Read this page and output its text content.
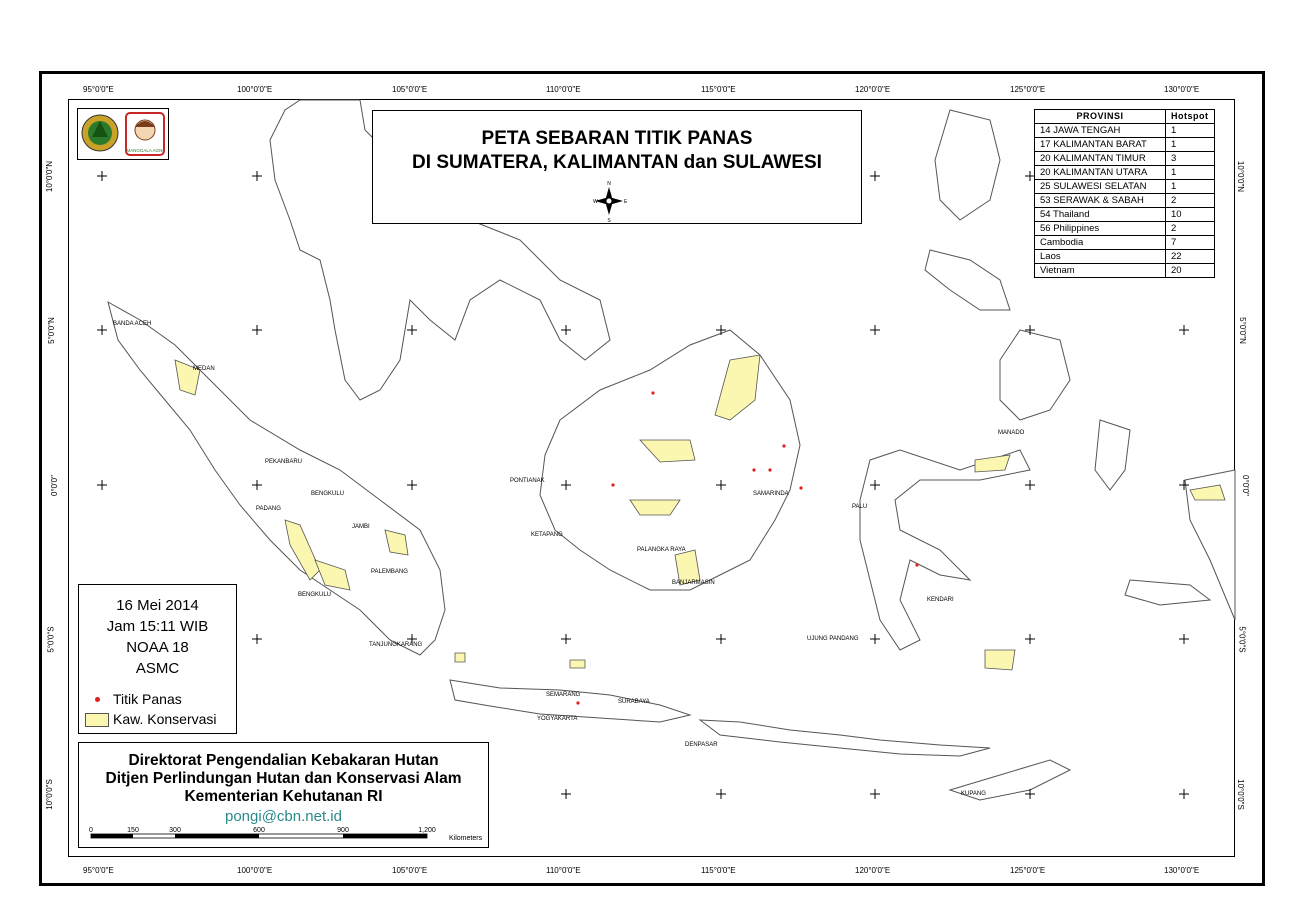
95°0'0"E	100°0'0"E	105°0'0"E	110°0'0"E	115°0'0"E	120°0'0"E	125°0'0"E	130°0'0"E
95°0'0"E	100°0'0"E	105°0'0"E	110°0'0"E	115°0'0"E	120°0'0"E	125°0'0"E	130°0'0"E
10°0'0"N
5°0'0"N
0°0'0"
5°0'0"S
10°0'0"S
10°0'0"N
5°0'0"N
0°0'0"
5°0'0"S
10°0'0"S
BANDA ACEH
MEDAN
PEKANBARU
PADANG
JAMBI
PALEMBANG
BENGKULU
TANJUNGKARANG
BENGKULU
PONTIANAK
KETAPANG
PALANGKA RAYA
BANJARMASIN
SAMARINDA
SEMARANG
SURABAYA
YOGYAKARTA
DENPASAR
UJUNG PANDANG
KENDARI
PALU
MANADO
KUPANG
MANGGALA AGNI
PETA SEBARAN TITIK PANAS
DI SUMATERA, KALIMANTAN dan SULAWESI
N
S
W	E
PROVINSI	Hotspot
14 JAWA TENGAH	1
17 KALIMANTAN BARAT	1
20 KALIMANTAN TIMUR	3
20 KALIMANTAN UTARA	1
25 SULAWESI SELATAN	1
53 SERAWAK & SABAH	2
54 Thailand	10
56 Philippines	2
Cambodia	7
Laos	22
Vietnam	20
16 Mei 2014
Jam 15:11 WIB
NOAA 18
ASMC
Titik Panas
Kaw. Konservasi
Direktorat Pengendalian Kebakaran Hutan
Ditjen Perlindungan Hutan dan Konservasi Alam
Kementerian Kehutanan RI
pongi@cbn.net.id
0	150	300	600	900	1,200
Kilometers
